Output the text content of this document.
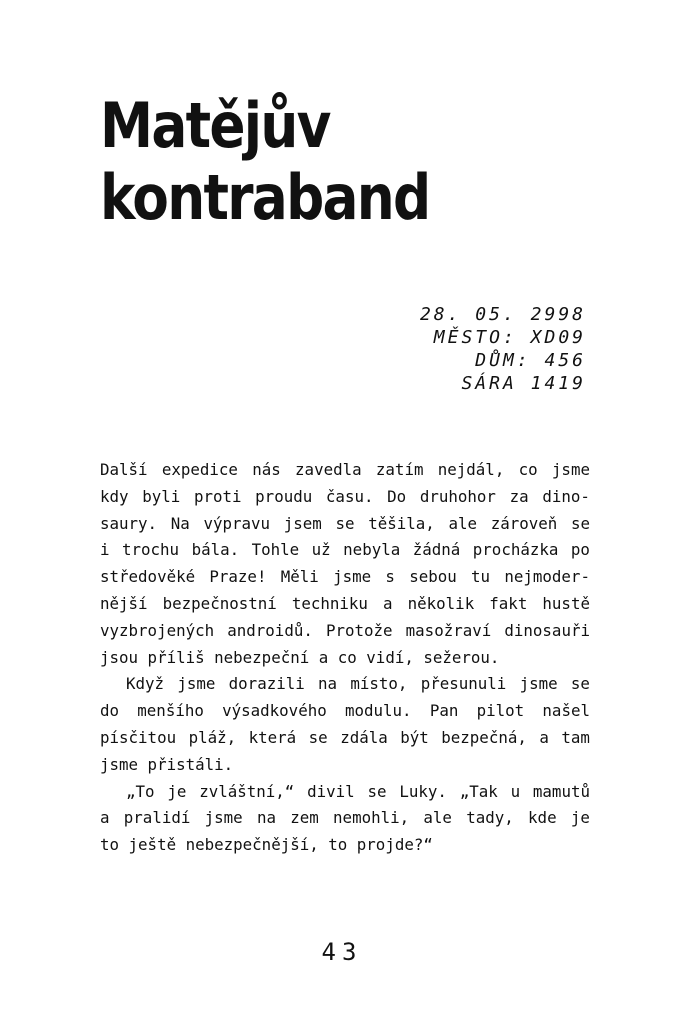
Matějův
kontraband
28. 05. 2998
MĚSTO: XD09
DŮM: 456
SÁRA 1419
Další expedice nás zavedla zatím nejdál, co jsme
kdy byli proti proudu času. Do druhohor za dino-
saury. Na výpravu jsem se těšila, ale zároveň se
i trochu bála. Tohle už nebyla žádná procházka po
středověké Praze! Měli jsme s sebou tu nejmoder-
nější bezpečnostní techniku a několik fakt hustě
vyzbrojených androidů. Protože masožraví dinosauři
jsou příliš nebezpeční a co vidí, sežerou.
Když jsme dorazili na místo, přesunuli jsme se
do menšího výsadkového modulu. Pan pilot našel
písčitou pláž, která se zdála být bezpečná, a tam
jsme přistáli.
„To je zvláštní,“ divil se Luky. „Tak u mamutů
a pralidí jsme na zem nemohli, ale tady, kde je
to ještě nebezpečnější, to projde?“
43
